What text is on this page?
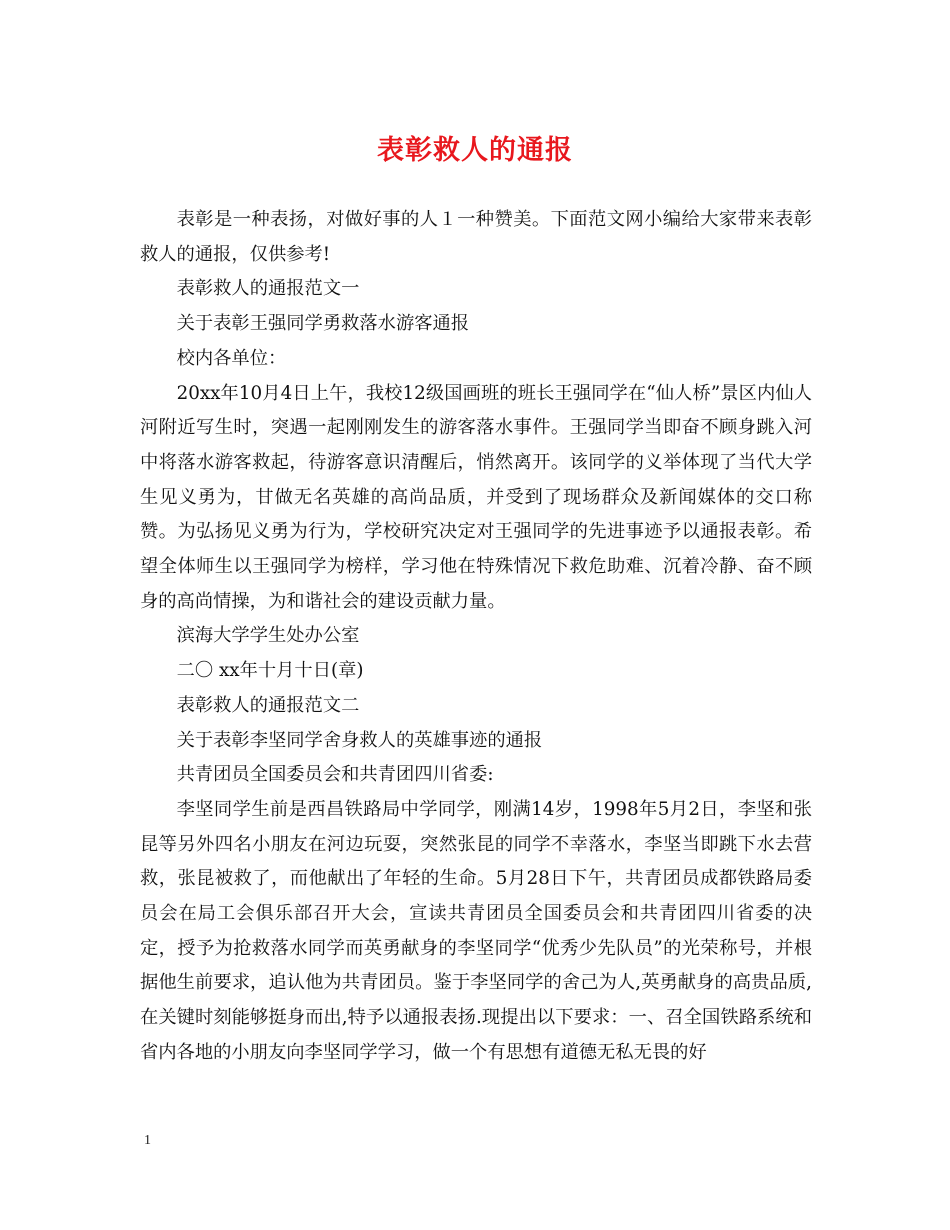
表彰救人的通报

表彰是一种表扬，对做好事的人１一种赞美。下面范文网小编给大家带来表彰救人的通报，仅供参考!

表彰救人的通报范文一

关于表彰王强同学勇救落水游客通报

校内各单位：

20xx年10月4日上午，我校12级国画班的班长王强同学在“仙人桥”景区内仙人河附近写生时，突遇一起刚刚发生的游客落水事件。王强同学当即奋不顾身跳入河中将落水游客救起，待游客意识清醒后，悄然离开。该同学的义举体现了当代大学生见义勇为，甘做无名英雄的高尚品质，并受到了现场群众及新闻媒体的交口称赞。为弘扬见义勇为行为，学校研究决定对王强同学的先进事迹予以通报表彰。希望全体师生以王强同学为榜样，学习他在特殊情况下救危助难、沉着冷静、奋不顾身的高尚情操，为和谐社会的建设贡献力量。

滨海大学学生处办公室

二〇 xx年十月十日(章)

表彰救人的通报范文二

关于表彰李坚同学舍身救人的英雄事迹的通报

共青团员全国委员会和共青团四川省委:

李坚同学生前是西昌铁路局中学同学，刚满14岁，1998年5月2日，李坚和张昆等另外四名小朋友在河边玩耍，突然张昆的同学不幸落水，李坚当即跳下水去营救，张昆被救了，而他献出了年轻的生命。5月28日下午，共青团员成都铁路局委员会在局工会俱乐部召开大会，宣读共青团员全国委员会和共青团四川省委的决定，授予为抢救落水同学而英勇献身的李坚同学“优秀少先队员”的光荣称号，并根据他生前要求，追认他为共青团员。鉴于李坚同学的舍己为人,英勇献身的高贵品质,在关键时刻能够挺身而出,特予以通报表扬.现提出以下要求：一、召全国铁路系统和省内各地的小朋友向李坚同学学习，做一个有思想有道德无私无畏的好

1
